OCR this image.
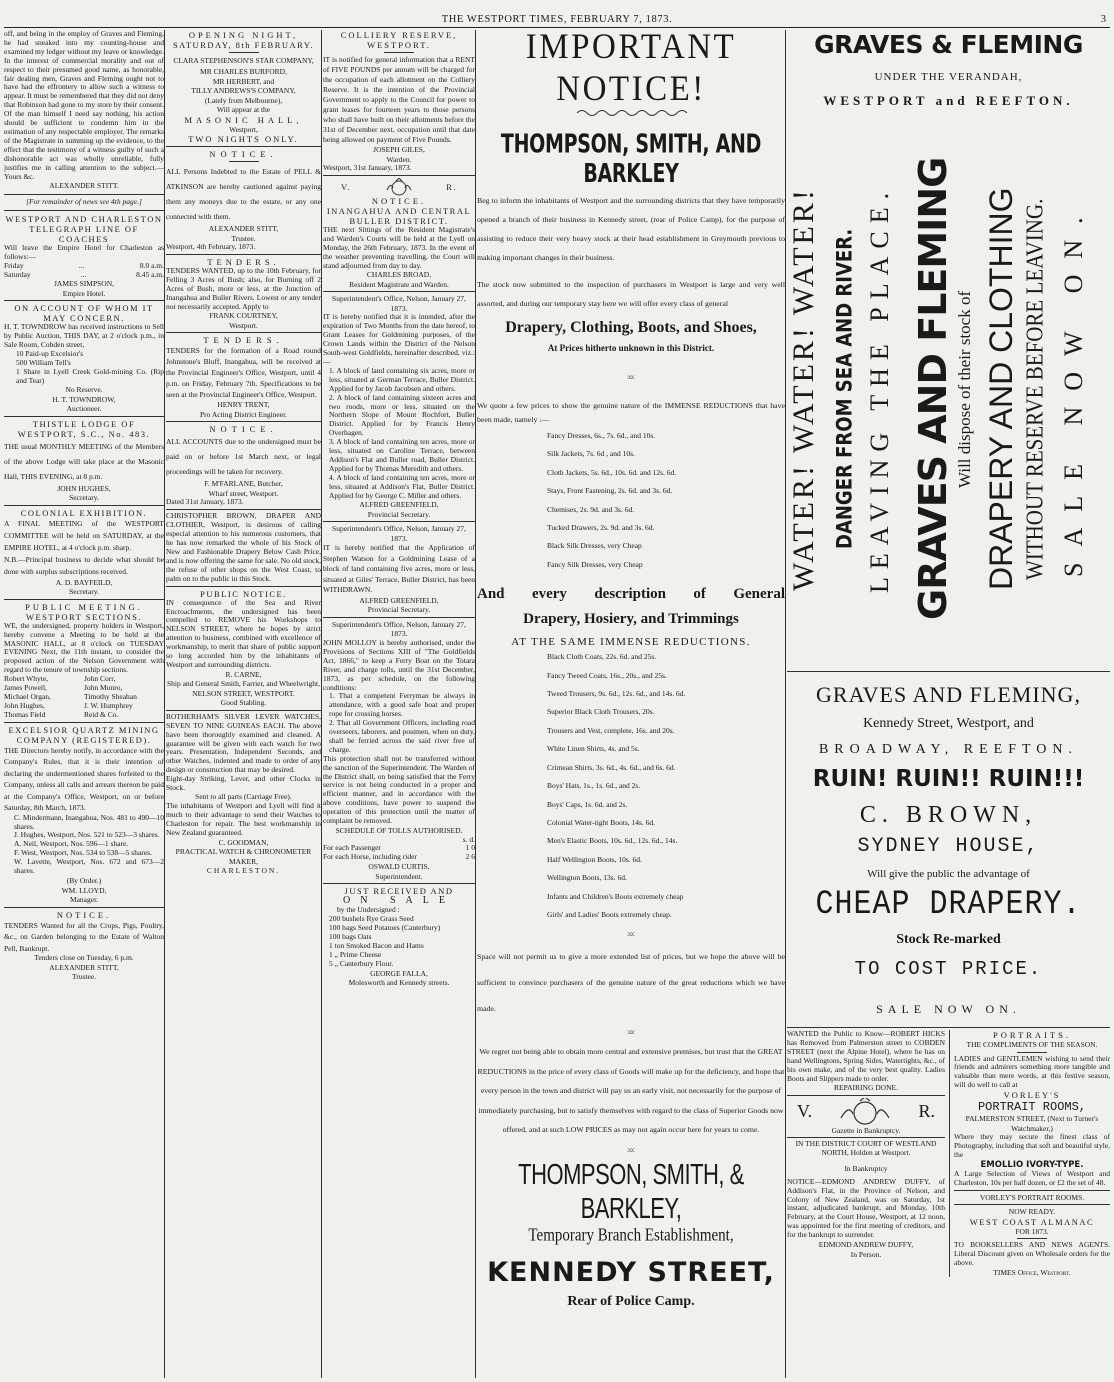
THE WESTPORT TIMES, FEBRUARY 7, 1873.	3
off, and being in the employ of Graves and Fleming, he had sneaked into my counting-house and examined my ledger without my leave or knowledge. In the interest of commercial morality and out of respect to their presumed good name, as honorable, fair dealing men, Graves and Fleming ought not to have had the effrontery to allow such a witness to appear. It must be remembered that they did not deny that Robinson had gone to my store by their consent. Of the man himself I need say nothing, his action should be sufficient to condemn him in the estimation of any respectable employer. The remarks of the Magistrate in summing up the evidence, to the effect that the testimony of a witness guilty of such a dishonorable act was wholly unreliable, fully justifies me in calling attention to the subject.—Yours &c.
ALEXANDER STITT.
[For remainder of news see 4th page.]
WESTPORT AND CHARLESTON TELEGRAPH LINE OF COACHES
Will leave the Empire Hotel for Charleston as follows:—
Friday	...	8.0 a.m.
Saturday	...	8.45 a.m.
JAMES SIMPSON,
Empire Hotel.
ON ACCOUNT OF WHOM IT MAY CONCERN.
H. T. TOWNDROW has received instructions to Sell by Public Auction, THIS DAY, at 2 o'clock p.m., in Sale Room, Cobden street,
10 Paid-up Excelsior's
500 William Tell's
1 Share in Lyell Creek Gold-mining Co. (Rip and Tear)
No Reserve.
H. T. TOWNDROW,
Auctioneer.
THISTLE LODGE OF WESTPORT, S.C., No. 483.
THE usual MONTHLY MEETING of the Members of the above Lodge will take place at the Masonic Hall, THIS EVENING, at 8 p.m.
JOHN HUGHES,
Secretary.
COLONIAL EXHIBITION.
A FINAL MEETING of the WESTPORT COMMITTEE will be held on SATURDAY, at the EMPIRE HOTEL, at 4 o'clock p.m. sharp.
N.B.—Principal business to decide what should be done with surplus subscriptions received.
A. D. BAYFEILD,
Secretary.
PUBLIC MEETING.
WESTPORT SECTIONS.
WE, the undersigned, property holders in Westport, hereby convene a Meeting to be held at the MASONIC HALL, at 8 o'clock on TUESDAY EVENING Next, the 11th instant, to consider the proposed action of the Nelson Government with regard to the tenure of township sections.
Robert Whyte,	John Corr,
James Powell,	John Munro,
Michael Organ,	Timothy Sheahan
John Hughes,	J. W. Humphrey
Thomas Field	Reid & Co.
EXCELSIOR QUARTZ MINING COMPANY (REGISTERED).
THE Directors hereby notify, in accordance with the Company's Rules, that it is their intention of declaring the undermentioned shares forfeited to the Company, unless all calls and arrears thereon be paid at the Company's Office, Westport, on or before Saturday, 8th March, 1873.
C. Mindermann, Inangahua, Nos. 481 to 490—10 shares.
J. Hughes, Westport, Nos. 521 to 523—3 shares.
A. Neil, Westport, Nos. 596—1 share.
F. West, Westport, Nos. 534 to 538—5 shares.
W. Lavette, Westport, Nos. 672 and 673—2 shares.
(By Order.)
WM. LLOYD,
Manager.
NOTICE.
TENDERS Wanted for all the Crops, Pigs, Poultry, &c., on Garden belonging to the Estate of Walton Pell, Bankrupt.
Tenders close on Tuesday, 6 p.m.
ALEXANDER STITT,
Trustee.
OPENING NIGHT,
SATURDAY, 8th FEBRUARY.
CLARA STEPHENSON'S STAR COMPANY,
MR CHARLES BURFORD,
MR HERBERT, and
TILLY ANDREWS'S COMPANY,
(Lately from Melbourne),
Will appear at the
MASONIC HALL,
Westport,
TWO NIGHTS ONLY.
NOTICE.
ALL Persons Indebted to the Estate of PELL & ATKINSON are hereby cautioned against paying them any moneys due to the estate, or any one connected with them.
ALEXANDER STITT,
Trustee.
Westport, 4th February, 1873.
TENDERS.
TENDERS WANTED, up to the 10th February, for Felling 3 Acres of Bush; also, for Burning off 2 Acres of Bush, more or less, at the Junction of Inangahua and Buller Rivers. Lowest or any tender not necessarily accepted. Apply to
FRANK COURTNEY,
Westport.
TENDERS.
TENDERS for the formation of a Road round Johnstone's Bluff, Inangahua, will be received at the Provincial Engineer's Office, Westport, until 4 p.m. on Friday, February 7th. Specifications to be seen at the Provincial Engineer's Office, Westport.
HENRY TRENT,
Pro Acting District Engineer.
NOTICE.
ALL ACCOUNTS due to the undersigned must be paid on or before 1st March next, or legal proceedings will be taken for recovery.
F. M'FARLANE, Butcher,
Wharf street, Westport.
Dated 31st January, 1873.
CHRISTOPHER BROWN, DRAPER AND CLOTHIER, Westport, is desirous of calling especial attention to his numerous customers, that he has now remarked the whole of his Stock of New and Fashionable Drapery Below Cash Price, and is now offering the same for sale. No old stock, the refuse of other shops on the West Coast, to palm on to the public in this Stock.
PUBLIC NOTICE.
IN consequence of the Sea and River Encroachments, the undersigned has been compelled to REMOVE his Workshops to NELSON STREET, where he hopes by strict attention to business, combined with excellence of workmanship, to merit that share of public support so long accorded him by the inhabitants of Westport and surrounding districts.
R. CARNE,
Ship and General Smith, Farrier, and Wheelwright,
NELSON STREET, WESTPORT.
Good Stabling.
ROTHERHAM'S SILVER LEVER WATCHES, SEVEN TO NINE GUINEAS EACH. The above have been thoroughly examined and cleaned. A guarantee will be given with each watch for two years. Presentation, Independent Seconds, and other Watches, indented and made to order of any design or construction that may be desired.
Eight-day Striking, Lever, and other Clocks in Stock.
Sent to all parts (Carriage Free).
The inhabitants of Westport and Lyell will find it much to their advantage to send their Watches to Charleston for repair. The best workmanship in New Zealand guaranteed.
C. GOODMAN,
PRACTICAL WATCH & CHRONOMETER MAKER,
CHARLESTON.
COLLIERY RESERVE, WESTPORT.
IT is notified for general information that a RENT of FIVE POUNDS per annum will be charged for the occupation of each allotment on the Colliery Reserve. It is the intention of the Provincial Government to apply to the Council for power to grant leases for fourteen years to those persons who shall have built on their allotments before the 31st of December next, occupation until that date being allowed on payment of Five Pounds.
JOSEPH GILES,
Warden.
Westport, 31st January, 1873.
V.	R.
NOTICE.
INANGAHUA AND CENTRAL BULLER DISTRICT.
THE next Sittings of the Resident Magistrate's and Warden's Courts will be held at the Lyell on Monday, the 26th February, 1873. In the event of the weather preventing travelling, the Court will stand adjourned from day to day.
CHARLES BROAD,
Resident Magistrate and Warden.
Superintendent's Office, Nelson, January 27, 1873.
IT is hereby notified that it is intended, after the expiration of Two Months from the date hereof, to Grant Leases for Goldmining purposes, of the Crown Lands within the District of the Nelson South-west Goldfields, hereinafter described, viz.:—
1. A block of land containing six acres, more or less, situated at German Terrace, Buller District. Applied for by Jacob Jacobsen and others.
2. A block of land containing sixteen acres and two roods, more or less, situated on the Northern Slope of Mount Rochfort, Buller District. Applied for by Francis Henry Overhagen.
3. A block of land containing ten acres, more or less, situated on Caroline Terrace, between Addison's Flat and Buller road, Buller District. Applied for by Thomas Meredith and others.
4. A block of land containing ten acres, more or less, situated at Addison's Flat, Buller District. Applied for by George C. Miller and others.
ALFRED GREENFIELD,
Provincial Secretary.
Superintendent's Office, Nelson, January 27, 1873.
IT is hereby notified that the Application of Stephen Watson for a Goldmining Lease of a block of land containing five acres, more or less, situated at Giles' Terrace, Buller District, has been WITHDRAWN.
ALFRED GREENFIELD,
Provincial Secretary.
Superintendent's Office, Nelson, January 27, 1873.
JOHN MOLLOY is hereby authorised, under the Provisions of Sections XIII of "The Goldfields Act, 1866," to keep a Ferry Boat on the Totara River, and charge tolls, until the 31st December, 1873, as per schedule, on the following conditions:
1. That a competent Ferryman be always in attendance, with a good safe boat and proper rope for crossing horses.
2. That all Government Officers, including road overseers, laborers, and postmen, when on duty, shall be ferried across the said river free of charge.
This protection shall not be transferred without the sanction of the Superintendent. The Warden of the District shall, on being satisfied that the Ferry service is not being conducted in a proper and efficient manner, and in accordance with the above conditions, have power to suspend the operation of this protection until the matter of complaint be removed.
SCHEDULE OF TOLLS AUTHORISED.
s. d.
For each Passenger	1 0
For each Horse, including rider	2 6
OSWALD CURTIS,
Superintendent.
JUST RECEIVED AND
ON SALE
by the Undersigned :
200 bushels Rye Grass Seed
100 bags Seed Potatoes (Canterbury)
100 bags Oats
1 ton Smoked Bacon and Hams
1 „ Prime Cheese
5 „ Canterbury Flour.
GEORGE FALLA,
Molesworth and Kennedy streets.
IMPORTANT NOTICE!
THOMPSON, SMITH, AND BARKLEY
Beg to inform the inhabitants of Westport and the surrounding districts that they have temporarily opened a branch of their business in Kennedy street, (rear of Police Camp), for the purpose of assisting to reduce their very heavy stock at their head establishment in Greymouth previous to making important changes in their business.
The stock now submitted to the inspection of purchasers in Westport is large and very well assorted, and during our temporary stay here we will offer every class of general
Drapery, Clothing, Boots, and Shoes,
At Prices hitherto unknown in this District.
:o:
We quote a few prices to show the genuine nature of the IMMENSE REDUCTIONS that have been made, namely :—
Fancy Dresses, 6s., 7s. 6d., and 10s.
Silk Jackets, 7s. 6d , and 10s.
Cloth Jackets, 5s. 6d., 10s. 6d. and 12s. 6d.
Stays, Front Fastening, 2s. 6d. and 3s. 6d.
Chemises, 2s. 9d. and 3s. 6d.
Tucked Drawers, 2s. 9d. and 3s. 6d.
Black Silk Dresses, very Cheap
Fancy Silk Dresses, very Cheap
And every description of General
Drapery, Hosiery, and Trimmings
AT THE SAME IMMENSE REDUCTIONS.
Black Cloth Coats, 22s. 6d. and 25s.
Fancy Tweed Coats, 16s., 20s., and 25s.
Tweed Trousers, 9s. 6d., 12s. 6d., and 14s. 6d.
Superior Black Cloth Trousers, 20s.
Trousers and Vest, complete, 16s. and 20s.
White Linen Shirts, 4s. and 5s.
Crimean Shirts, 3s. 6d., 4s. 6d., and 6s. 6d.
Boys' Hats, 1s., 1s. 6d., and 2s.
Boys' Caps, 1s. 6d. and 2s.
Colonial Water-tight Boots, 14s. 6d.
Men's Elastic Boots, 10s. 6d., 12s. 6d., 14s.
Half Wellington Boots, 10s. 6d.
Wellington Boots, 13s. 6d.
Infants and Children's Boots extremely cheap
Girls' and Ladies' Boots extremely cheap.
:o:
Space will not permit us to give a more extended list of prices, but we hope the above will be sufficient to convince purchasers of the genuine nature of the great reductions which we have made.
:o:
We regret not being able to obtain more central and extensive premises, but trust that the GREAT REDUCTIONS in the price of every class of Goods will make up for the deficiency, and hope that every person in the town and district will pay us an early visit, not necessarily for the purpose of immediately purchasing, but to satisfy themselves with regard to the class of Superior Goods now offered, and at such LOW PRICES as may not again occur here for years to come.
:o:
THOMPSON, SMITH, & BARKLEY,
Temporary Branch Establishment,
KENNEDY STREET,
Rear of Police Camp.
GRAVES & FLEMING
UNDER THE VERANDAH,
WESTPORT and REEFTON.
WATER! WATER! WATER! DANGER FROM SEA AND RIVER. LEAVING THE PLACE. GRAVES AND FLEMING Will dispose of their stock of DRAPERY AND CLOTHING WITHOUT RESERVE BEFORE LEAVING. SALE NOW ON.
GRAVES AND FLEMING,
Kennedy Street, Westport, and
BROADWAY, REEFTON.
RUIN! RUIN!! RUIN!!!
C. BROWN,
SYDNEY HOUSE,
Will give the public the advantage of
CHEAP DRAPERY.
Stock Re-marked
TO COST PRICE.
SALE NOW ON.
WANTED the Public to Know—ROBERT HICKS has Removed from Palmerston street to COBDEN STREET (next the Alpine Hotel), where he has on hand Wellingtons, Spring Sides, Watertights, &c., of his own make, and of the very best quality. Ladies Boots and Slippers made to order.
REPAIRING DONE.
V.	R.
Gazette in Bankruptcy.
IN THE DISTRICT COURT OF WESTLAND NORTH, Holden at Westport.
In Bankruptcy
NOTICE—EDMOND ANDREW DUFFY, of Addison's Flat, in the Province of Nelson, and Colony of New Zealand, was on Saturday, 1st instant, adjudicated bankrupt, and Monday, 10th February, at the Court House, Westport, at 12 noon, was appointed for the first meeting of creditors, and for the bankrupt to surrender.
EDMOND ANDREW DUFFY,
In Person.
PORTRAITS.
THE COMPLIMENTS OF THE SEASON.
LADIES and GENTLEMEN wishing to send their friends and admirers something more tangible and valuable than mere words, at this festive season, will do well to call at
VORLEY'S
PORTRAIT ROOMS,
PALMERSTON STREET, (Next to Turner's Watchmaker,)
Where they may secure the finest class of Photography, including that soft and beautiful style, the
EMOLLIO IVORY-TYPE.
A Large Selection of Views of Westport and Charleston, 10s per half dozen, or £2 the set of 48.
VORLEY'S PORTRAIT ROOMS.
NOW READY.
WEST COAST ALMANAC
FOR 1873.
TO BOOKSELLERS AND NEWS AGENTS. Liberal Discount given on Wholesale orders for the above.
TIMES Office, Westport.
